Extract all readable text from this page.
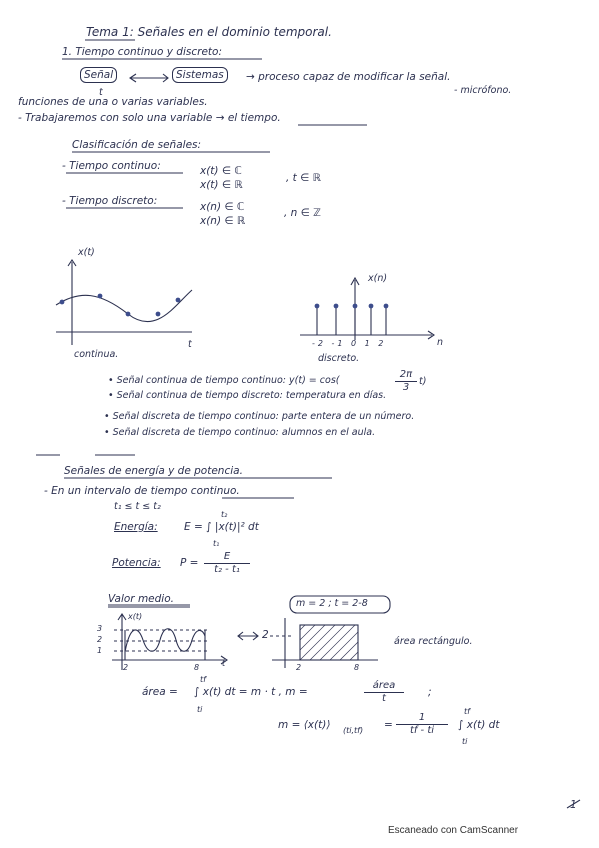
Tema 1: Señales en el dominio temporal.
1. Tiempo continuo y discreto:
Señal
t
Sistemas	→ proceso capaz de modificar la señal.
- micrófono.
funciones de una o varias variables.
- Trabajaremos con solo una variable → el tiempo.
Clasificación de señales:
- Tiempo continuo:	x(t) ∈ ℂ
x(t) ∈ ℝ
, t ∈ ℝ
- Tiempo discreto:	x(n) ∈ ℂ
x(n) ∈ ℝ
, n ∈ ℤ
x(t)
t
continua.
x(n)
n
-2 -1 0 1 2
discreto.
• Señal continua de tiempo continuo: y(t) = cos(	$\frac{2\pi}{3} t$)
• Señal continua de tiempo discreto: temperatura en días.
• Señal discreta de tiempo continuo: parte entera de un número.
• Señal discreta de tiempo continuo: alumnos en el aula.
Señales de energía y de potencia.
- En un intervalo de tiempo continuo.
t₁ ≤ t ≤ t₂
Energía:	E = ∫ |x(t)|² dt
t₂
t₁
Potencia: $P = \frac{E}{\text{t₂ - t₁}}$
Valor medio.
x(t)
3
2
1
2	8	t
2
2	8
m = 2 ; t = 2-8
área rectángulo.
área = ∫ x(t) dt = m · t , m =
tf
ti
área
t	;
m = ⟨x(t)⟩ $(ti,tf) = \frac{1}{tf - ti}$ ∫ x(t) dt
tf
ti
1
Escaneado con CamScanner
